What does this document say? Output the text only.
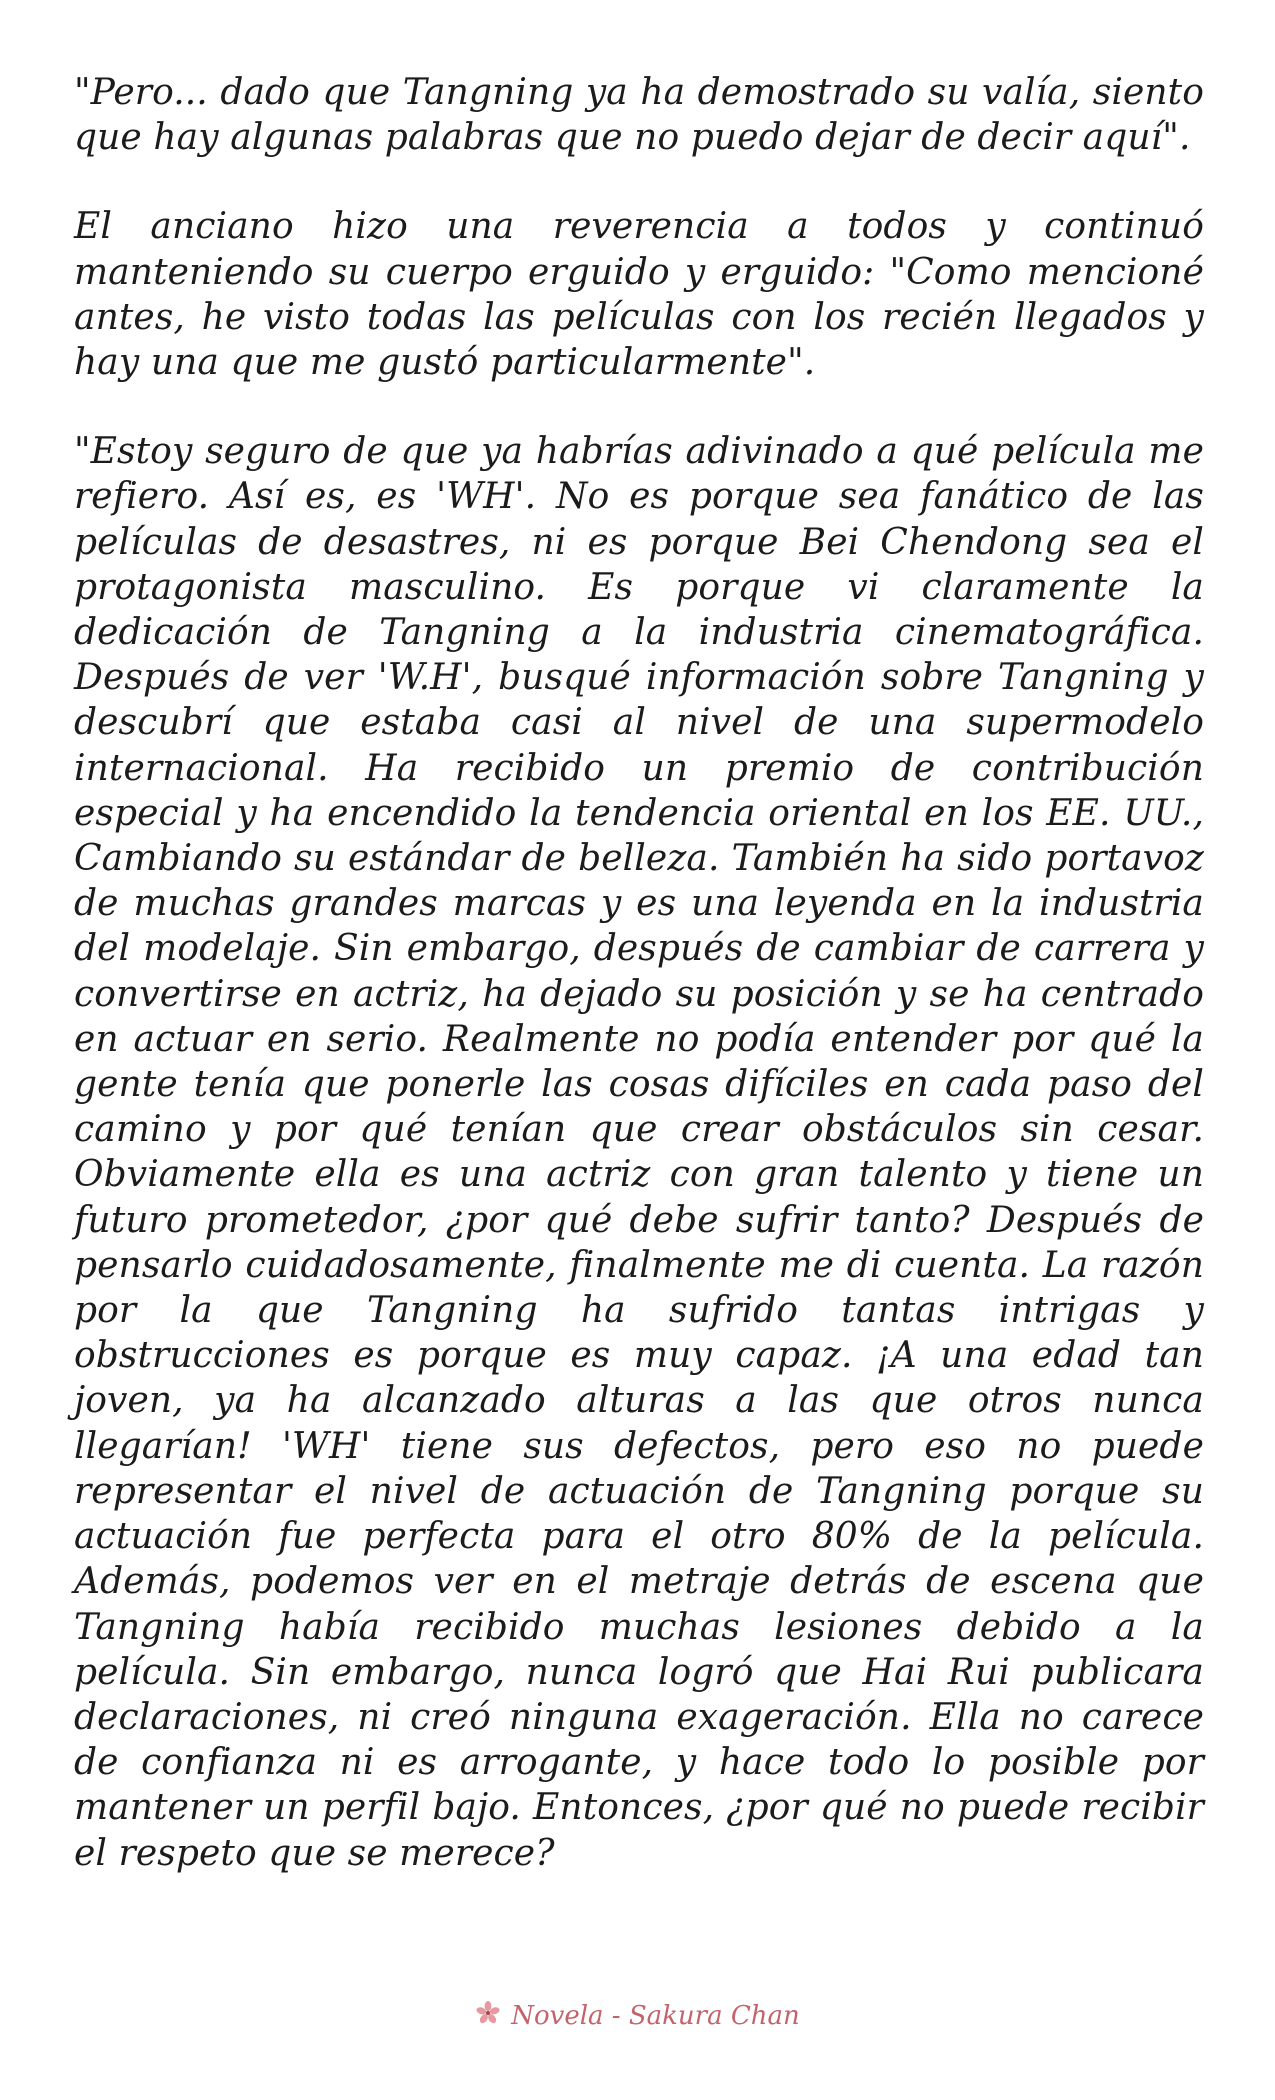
"Pero... dado que Tangning ya ha demostrado su valía, siento que hay algunas palabras que no puedo dejar de decir aquí".

El anciano hizo una reverencia a todos y continuó manteniendo su cuerpo erguido y erguido: "Como mencioné antes, he visto todas las películas con los recién llegados y hay una que me gustó particularmente".

"Estoy seguro de que ya habrías adivinado a qué película me refiero. Así es, es 'WH'. No es porque sea fanático de las películas de desastres, ni es porque Bei Chendong sea el protagonista masculino. Es porque vi claramente la dedicación de Tangning a la industria cinematográfica. Después de ver 'W.H', busqué información sobre Tangning y descubrí que estaba casi al nivel de una supermodelo internacional. Ha recibido un premio de contribución especial y ha encendido la tendencia oriental en los EE. UU., Cambiando su estándar de belleza. También ha sido portavoz de muchas grandes marcas y es una leyenda en la industria del modelaje. Sin embargo, después de cambiar de carrera y convertirse en actriz, ha dejado su posición y se ha centrado en actuar en serio. Realmente no podía entender por qué la gente tenía que ponerle las cosas difíciles en cada paso del camino y por qué tenían que crear obstáculos sin cesar. Obviamente ella es una actriz con gran talento y tiene un futuro prometedor, ¿por qué debe sufrir tanto? Después de pensarlo cuidadosamente, finalmente me di cuenta. La razón por la que Tangning ha sufrido tantas intrigas y obstrucciones es porque es muy capaz. ¡A una edad tan joven, ya ha alcanzado alturas a las que otros nunca llegarían! 'WH' tiene sus defectos, pero eso no puede representar el nivel de actuación de Tangning porque su actuación fue perfecta para el otro 80% de la película. Además, podemos ver en el metraje detrás de escena que Tangning había recibido muchas lesiones debido a la película. Sin embargo, nunca logró que Hai Rui publicara declaraciones, ni creó ninguna exageración. Ella no carece de confianza ni es arrogante, y hace todo lo posible por mantener un perfil bajo. Entonces, ¿por qué no puede recibir el respeto que se merece?

Novela - Sakura Chan
